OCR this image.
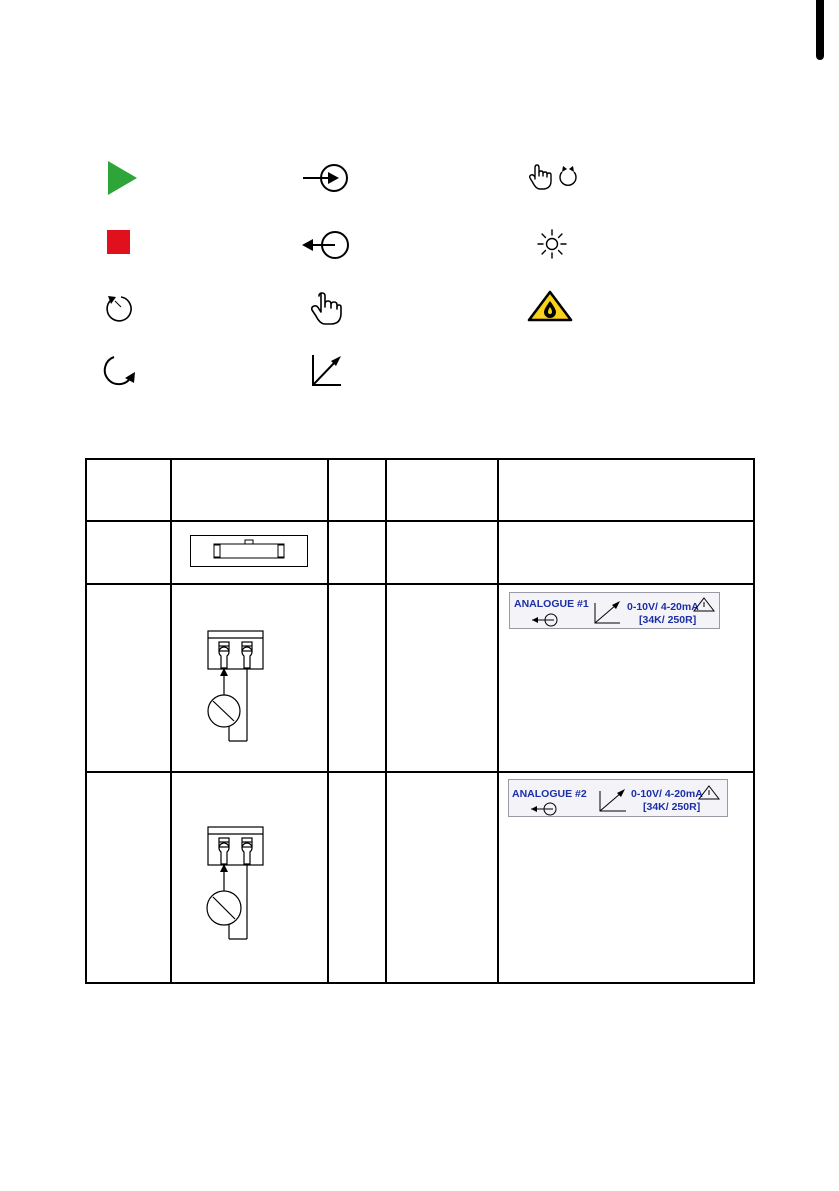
ANALOGUE #1	0-10V/ 4-20mA
[34K/ 250R]
ANALOGUE #2	0-10V/ 4-20mA
[34K/ 250R]
